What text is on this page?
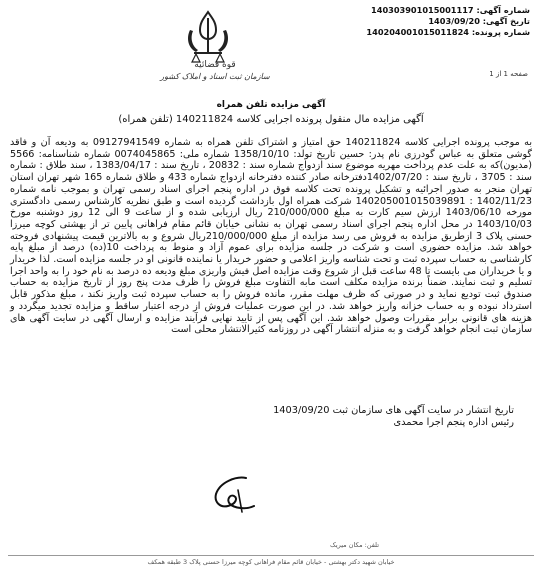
شماره آگهی: 140303901015001117
تاریخ آگهی: 1403/09/20
شماره پرونده: 140204001015011824
قوه قضائیه
سازمان ثبت اسناد و املاک کشور	صفحه 1 از 1
آگهی مزایده تلفن همراه
آگهی مزایده مال منقول پرونده اجرایی کلاسه 140211824 (تلفن همراه)
به موجب پرونده اجرایی کلاسه 140211824 حق امتیاز و اشتراک تلفن همراه به شماره 09127941549 به ودیعه آن و فاقد گوشی متعلق به عباس گودرزی نام پدر: حسین تاریخ تولد: 1358/10/10 شماره ملی: 0074045865 شماره شناسنامه: 5566 (مدیون)که به علت عدم پرداخت مهریه موضوع سند ازدواج شماره سند : 20832 ، تاریخ سند : 1383/04/17 ، سند طلاق : شماره سند : 3705 ، تاریخ سند : 1402/07/20دفترخانه صادر کننده دفترخانه ازدواج شماره 433 و طلاق شماره 165 شهر تهران استان تهران منجر به صدور اجرائیه و تشکیل پرونده تحت کلاسه فوق در اداره پنجم اجرای اسناد رسمی تهران و بموجب نامه شماره 1402/11/23 : 140205001015039891 شرکت همراه اول بازداشت گردیده است و طبق نظریه کارشناس رسمی دادگستری مورخه 1403/06/10 ارزش سیم کارت به مبلغ 210/000/000 ریال ارزیابی شده و از ساعت 9 الی 12 روز دوشنبه مورخ 1403/10/03 در محل اداره پنجم اجرای اسناد رسمی تهران به نشانی خیابان قائم مقام فراهانی پایین تر از بهشتی کوچه میرزا حسنی پلاک 3 ازطریق مزایده به فروش می رسد مزایده از مبلغ 210/000/000ریال شروع و به بالاترین قیمت پیشنهادی فروخته خواهد شد. مزایده حضوری است و شرکت در جلسه مزایده برای عموم آزاد و منوط به پرداخت 10(ده) درصد از مبلغ پایه کارشناسی به حساب سپرده ثبت و تحت شناسه واریز اعلامی و حضور خریدار یا نماینده قانونی او در جلسه مزایده است. لذا خریدار و یا خریداران می بایست تا 48 ساعت قبل از شروع وقت مزایده اصل فیش واریزی مبلغ ودیعه ده درصد به نام خود را به واحد اجرا تسلیم و ثبت نمایند. ضمناً برنده مزایده مکلف است مابه التفاوت مبلغ فروش را ظرف مدت پنج روز از تاریخ مزایده به حساب صندوق ثبت تودیع نماید و در صورتی که ظرف مهلت مقرر، مانده فروش را به حساب سپرده ثبت واریز نکند ، مبلغ مذکور قابل استرداد نبوده و به حساب خزانه واریز خواهد شد. در این صورت عملیات فروش از درجه اعتبار ساقط و مزایده تجدید میگردد و هزینه های قانونی برابر مقررات وصول خواهد شد. این آگهی پس از تایید نهایی فرآیند مزایده و ارسال آگهی در سایت آگهی های سازمان ثبت انجام خواهد گرفت و به منزله انتشار آگهی در روزنامه کثیرالانتشار محلی است
تاریخ انتشار در سایت آگهی های سازمان ثبت 1403/09/20
رئیس اداره پنجم اجرا محمدی
تلفن: مکان میریک
خیابان شهید دکتر بهشتی - خیابان قائم مقام فراهانی کوچه میرزا حسنی پلاک 3 طبقه همکف
